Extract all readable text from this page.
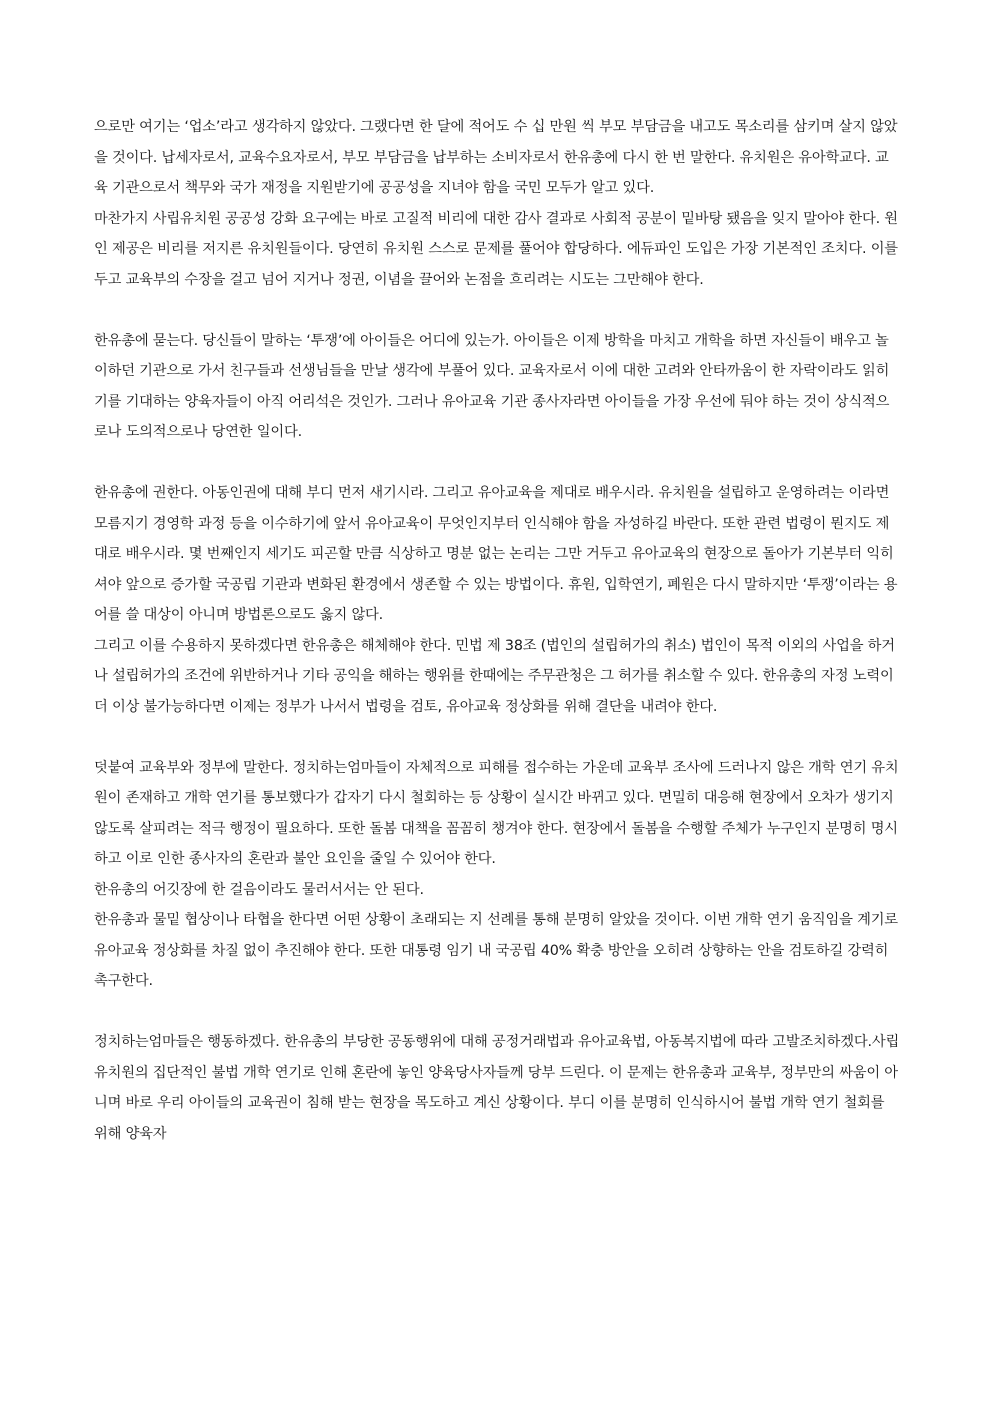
으로만 여기는 ‘업소’라고 생각하지 않았다. 그랬다면 한 달에 적어도 수 십 만원 씩 부모 부담금을 내고도 목소리를 삼키며 살지 않았을 것이다. 납세자로서, 교육수요자로서, 부모 부담금을 납부하는 소비자로서 한유총에 다시 한 번 말한다. 유치원은 유아학교다. 교육 기관으로서 책무와 국가 재정을 지원받기에 공공성을 지녀야 함을 국민 모두가 알고 있다.

마찬가지 사립유치원 공공성 강화 요구에는 바로 고질적 비리에 대한 감사 결과로 사회적 공분이 밑바탕 됐음을 잊지 말아야 한다. 원인 제공은 비리를 저지른 유치원들이다. 당연히 유치원 스스로 문제를 풀어야 합당하다. 에듀파인 도입은 가장 기본적인 조치다. 이를 두고 교육부의 수장을 걸고 넘어 지거나 정권, 이념을 끌어와 논점을 흐리려는 시도는 그만해야 한다.

한유총에 묻는다. 당신들이 말하는 ‘투쟁’에 아이들은 어디에 있는가. 아이들은 이제 방학을 마치고 개학을 하면 자신들이 배우고 놀이하던 기관으로 가서 친구들과 선생님들을 만날 생각에 부풀어 있다. 교육자로서 이에 대한 고려와 안타까움이 한 자락이라도 읽히기를 기대하는 양육자들이 아직 어리석은 것인가. 그러나 유아교육 기관 종사자라면 아이들을 가장 우선에 둬야 하는 것이 상식적으로나 도의적으로나 당연한 일이다.

한유총에 권한다. 아동인권에 대해 부디 먼저 새기시라. 그리고 유아교육을 제대로 배우시라. 유치원을 설립하고 운영하려는 이라면 모름지기 경영학 과정 등을 이수하기에 앞서 유아교육이 무엇인지부터 인식해야 함을 자성하길 바란다. 또한 관련 법령이 뭔지도 제대로 배우시라. 몇 번째인지 세기도 피곤할 만큼 식상하고 명분 없는 논리는 그만 거두고 유아교육의 현장으로 돌아가 기본부터 익히셔야 앞으로 증가할 국공립 기관과 변화된 환경에서 생존할 수 있는 방법이다. 휴원, 입학연기, 폐원은 다시 말하지만 ‘투쟁’이라는 용어를 쓸 대상이 아니며 방법론으로도 옳지 않다.

그리고 이를 수용하지 못하겠다면 한유총은 해체해야 한다. 민법 제 38조 (법인의 설립허가의 취소) 법인이 목적 이외의 사업을 하거나 설립허가의 조건에 위반하거나 기타 공익을 해하는 행위를 한때에는 주무관청은 그 허가를 취소할 수 있다. 한유총의 자정 노력이 더 이상 불가능하다면 이제는 정부가 나서서 법령을 검토, 유아교육 정상화를 위해 결단을 내려야 한다.

덧붙여 교육부와 정부에 말한다. 정치하는엄마들이 자체적으로 피해를 접수하는 가운데 교육부 조사에 드러나지 않은 개학 연기 유치원이 존재하고 개학 연기를 통보했다가 갑자기 다시 철회하는 등 상황이 실시간 바뀌고 있다. 면밀히 대응해 현장에서 오차가 생기지 않도록 살피려는 적극 행정이 필요하다. 또한 돌봄 대책을 꼼꼼히 챙겨야 한다. 현장에서 돌봄을 수행할 주체가 누구인지 분명히 명시하고 이로 인한 종사자의 혼란과 불안 요인을 줄일 수 있어야 한다.

한유총의 어깃장에 한 걸음이라도 물러서서는 안 된다.

한유총과 물밑 협상이나 타협을 한다면 어떤 상황이 초래되는 지 선례를 통해 분명히 알았을 것이다. 이번 개학 연기 움직임을 계기로 유아교육 정상화를 차질 없이 추진해야 한다. 또한 대통령 임기 내 국공립 40% 확충 방안을 오히려 상향하는 안을 검토하길 강력히 촉구한다.

정치하는엄마들은 행동하겠다. 한유총의 부당한 공동행위에 대해 공정거래법과 유아교육법, 아동복지법에 따라 고발조치하겠다.사립유치원의 집단적인 불법 개학 연기로 인해 혼란에 놓인 양육당사자들께 당부 드린다. 이 문제는 한유총과 교육부, 정부만의 싸움이 아니며 바로 우리 아이들의 교육권이 침해 받는 현장을 목도하고 계신 상황이다. 부디 이를 분명히 인식하시어 불법 개학 연기 철회를 위해 양육자
